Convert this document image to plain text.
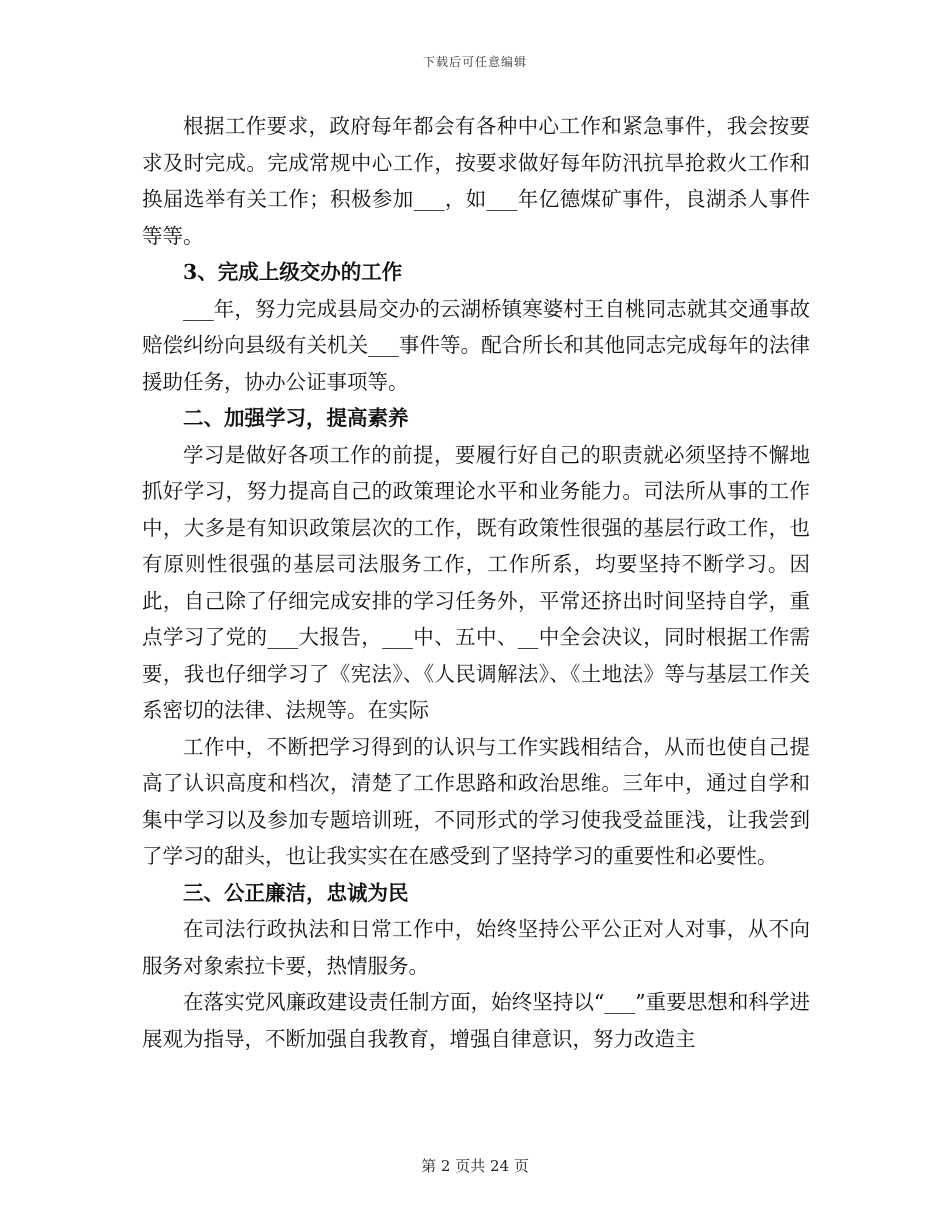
下载后可任意编辑

根据工作要求，政府每年都会有各种中心工作和紧急事件，我会按要求及时完成。完成常规中心工作，按要求做好每年防汛抗旱抢救火工作和换届选举有关工作；积极参加___，如___年亿德煤矿事件，良湖杀人事件等等。

3、完成上级交办的工作

___年，努力完成县局交办的云湖桥镇寒婆村王自桃同志就其交通事故赔偿纠纷向县级有关机关___事件等。配合所长和其他同志完成每年的法律援助任务，协办公证事项等。

二、加强学习，提高素养

学习是做好各项工作的前提，要履行好自己的职责就必须坚持不懈地抓好学习，努力提高自己的政策理论水平和业务能力。司法所从事的工作中，大多是有知识政策层次的工作，既有政策性很强的基层行政工作，也有原则性很强的基层司法服务工作，工作所系，均要坚持不断学习。因此，自己除了仔细完成安排的学习任务外，平常还挤出时间坚持自学，重点学习了党的___大报告，___中、五中、__中全会决议，同时根据工作需要，我也仔细学习了《宪法》、《人民调解法》、《土地法》等与基层工作关系密切的法律、法规等。在实际

工作中，不断把学习得到的认识与工作实践相结合，从而也使自己提高了认识高度和档次，清楚了工作思路和政治思维。三年中，通过自学和集中学习以及参加专题培训班，不同形式的学习使我受益匪浅，让我尝到了学习的甜头，也让我实实在在感受到了坚持学习的重要性和必要性。

三、公正廉洁，忠诚为民

在司法行政执法和日常工作中，始终坚持公平公正对人对事，从不向服务对象索拉卡要，热情服务。

在落实党风廉政建设责任制方面，始终坚持以“___”重要思想和科学进展观为指导，不断加强自我教育，增强自律意识，努力改造主

第 2 页共 24 页
